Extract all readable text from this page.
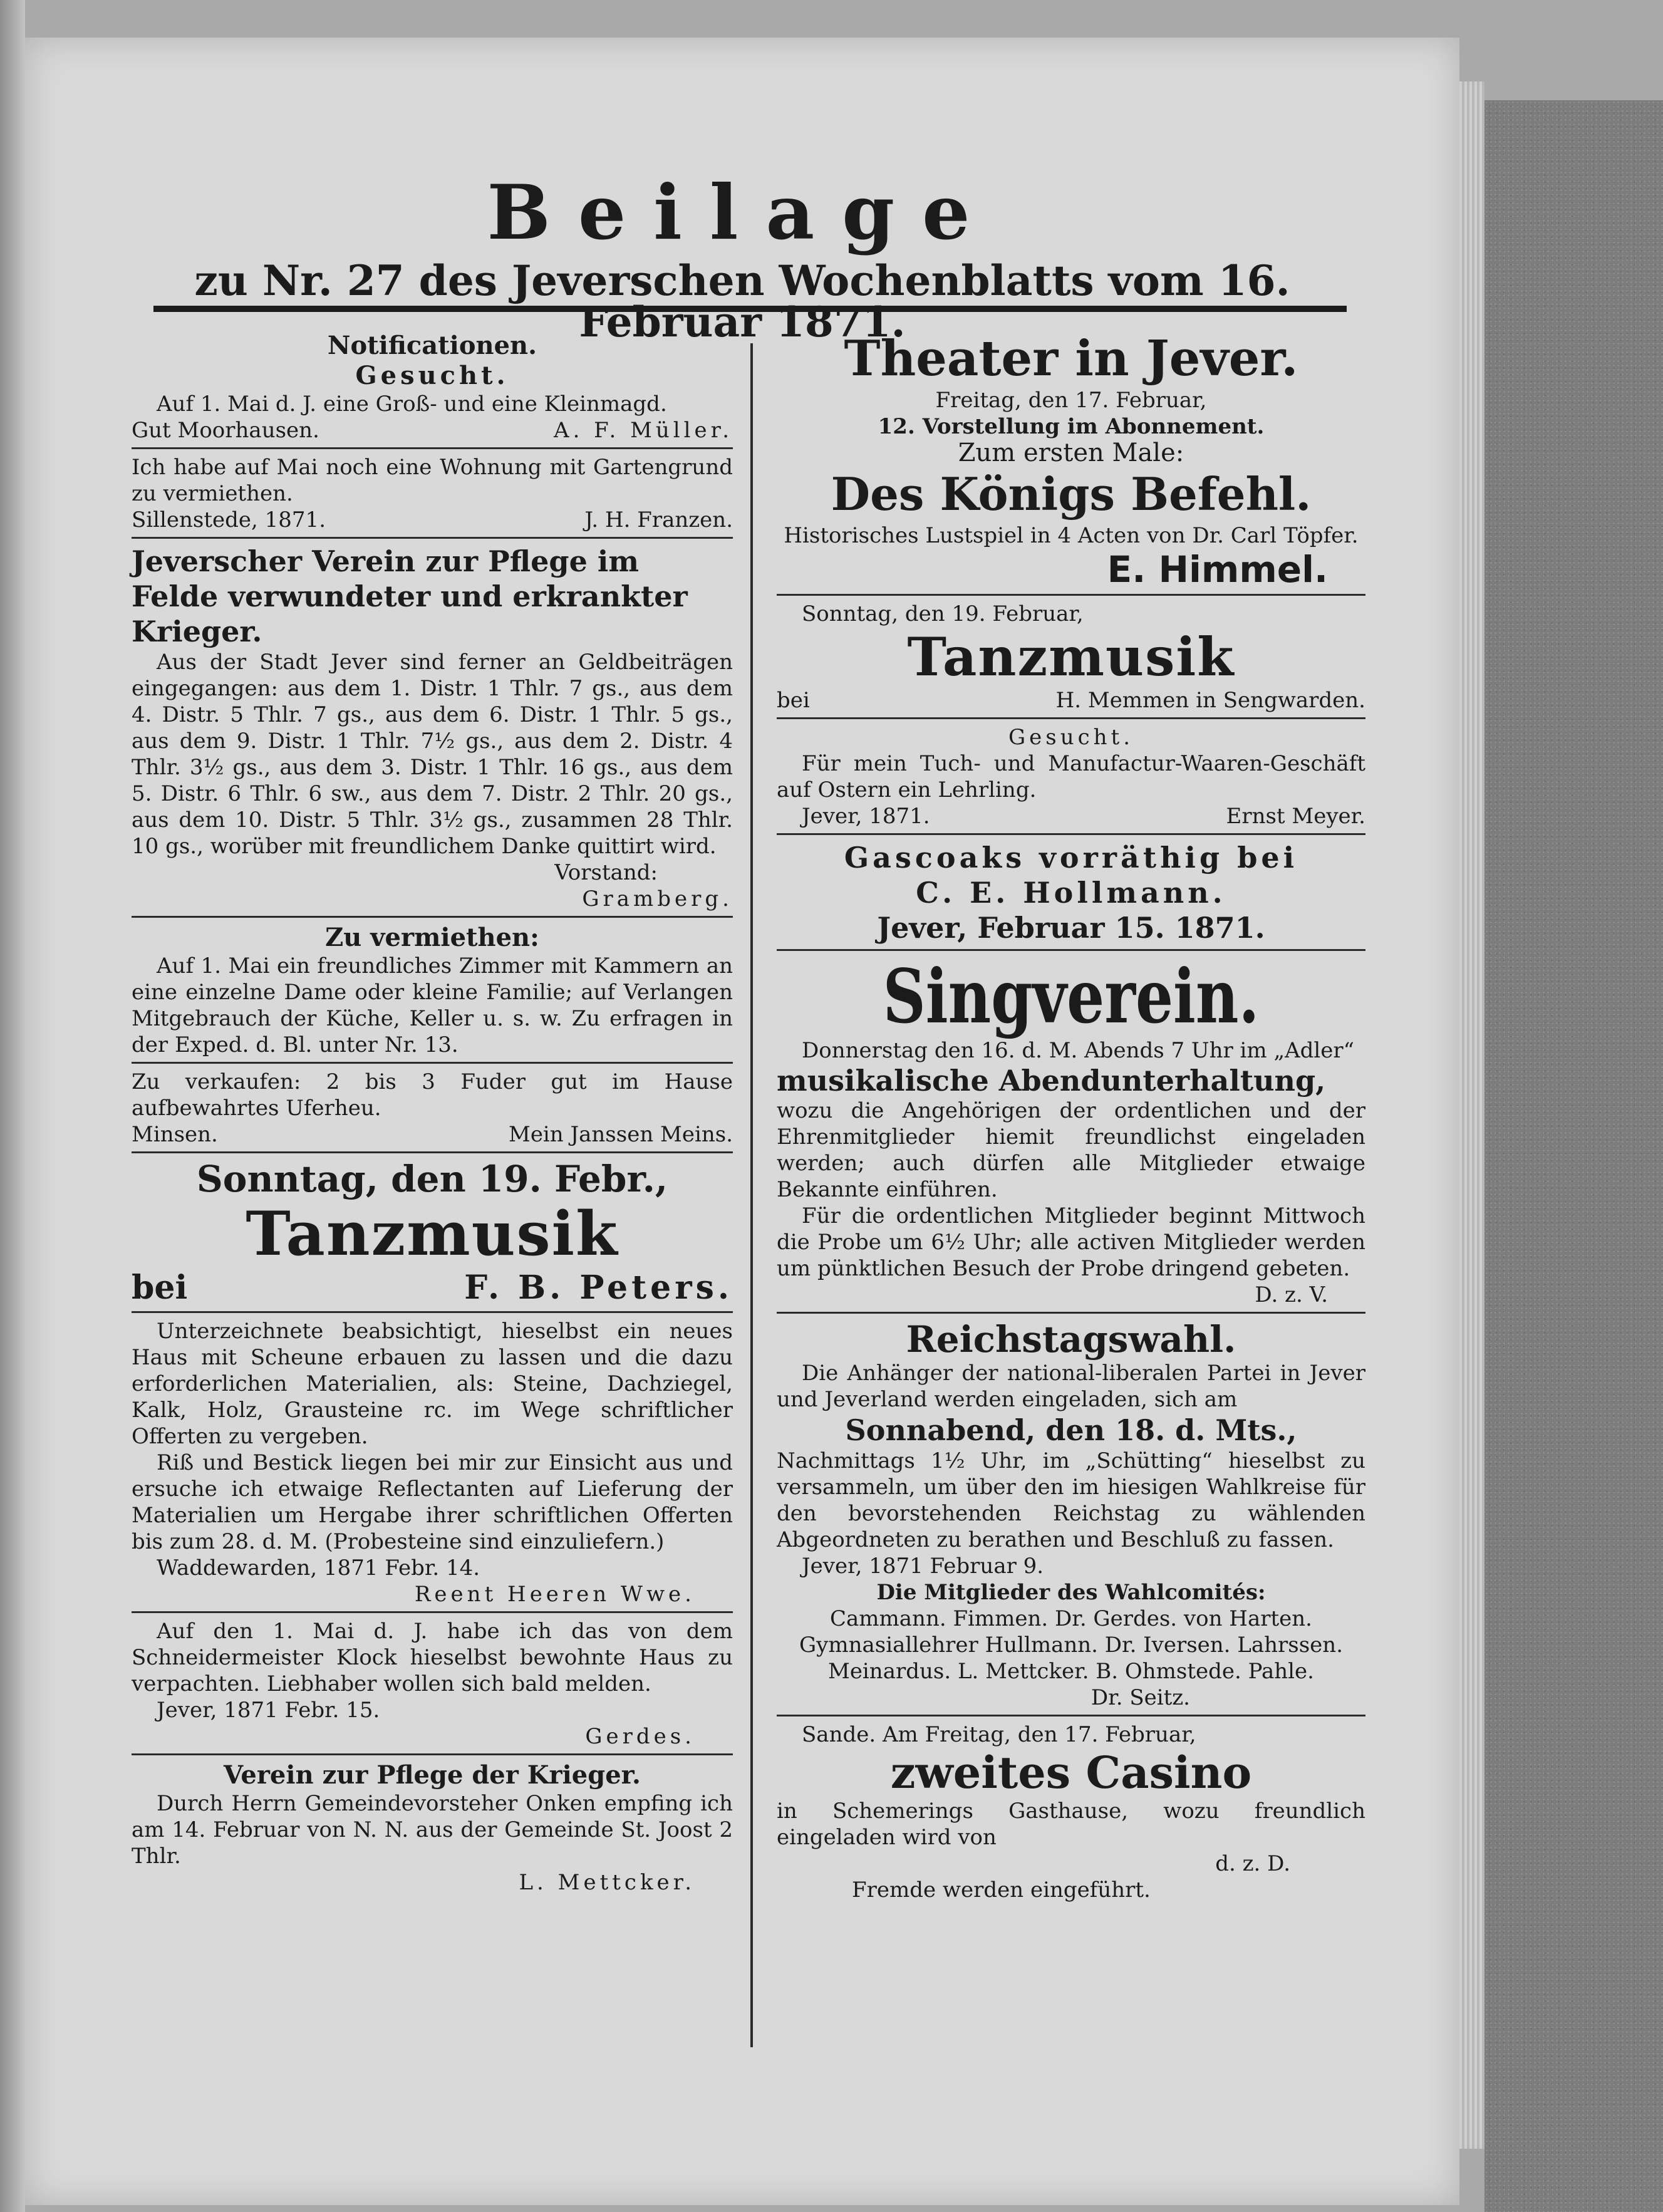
Beilage
zu Nr. 27 des Jeverschen Wochenblatts vom 16. Februar 1871.

Notificationen.

Gesucht.

Auf 1. Mai d. J. eine Groß- und eine Kleinmagd.

Gut Moorhausen.	A. F. Müller.

Ich habe auf Mai noch eine Wohnung mit Gartengrund zu vermiethen.

Sillenstede, 1871.	J. H. Franzen.

Jeverscher Verein zur Pflege im Felde verwundeter und erkrankter Krieger.

Aus der Stadt Jever sind ferner an Geldbeiträgen eingegangen: aus dem 1. Distr. 1 Thlr. 7 gs., aus dem 4. Distr. 5 Thlr. 7 gs., aus dem 6. Distr. 1 Thlr. 5 gs., aus dem 9. Distr. 1 Thlr. 7½ gs., aus dem 2. Distr. 4 Thlr. 3½ gs., aus dem 3. Distr. 1 Thlr. 16 gs., aus dem 5. Distr. 6 Thlr. 6 sw., aus dem 7. Distr. 2 Thlr. 20 gs., aus dem 10. Distr. 5 Thlr. 3½ gs., zusammen 28 Thlr. 10 gs., worüber mit freundlichem Danke quittirt wird.

Vorstand:

Gramberg.

Zu vermiethen:

Auf 1. Mai ein freundliches Zimmer mit Kammern an eine einzelne Dame oder kleine Familie; auf Verlangen Mitgebrauch der Küche, Keller u. s. w. Zu erfragen in der Exped. d. Bl. unter Nr. 13.

Zu verkaufen: 2 bis 3 Fuder gut im Hause aufbewahrtes Uferheu.

Minsen.	Mein Janssen Meins.

Sonntag, den 19. Febr.,

Tanzmusik

bei	F. B. Peters.

Unterzeichnete beabsichtigt, hieselbst ein neues Haus mit Scheune erbauen zu lassen und die dazu erforderlichen Materialien, als: Steine, Dachziegel, Kalk, Holz, Grausteine rc. im Wege schriftlicher Offerten zu vergeben.

Riß und Bestick liegen bei mir zur Einsicht aus und ersuche ich etwaige Reflectanten auf Lieferung der Materialien um Hergabe ihrer schriftlichen Offerten bis zum 28. d. M. (Probesteine sind einzuliefern.)

Waddewarden, 1871 Febr. 14.

Reent Heeren Wwe.

Auf den 1. Mai d. J. habe ich das von dem Schneidermeister Klock hieselbst bewohnte Haus zu verpachten. Liebhaber wollen sich bald melden.

Jever, 1871 Febr. 15.

Gerdes.

Verein zur Pflege der Krieger.

Durch Herrn Gemeindevorsteher Onken empfing ich am 14. Februar von N. N. aus der Gemeinde St. Joost 2 Thlr.

L. Mettcker.

Theater in Jever.

Freitag, den 17. Februar,

12. Vorstellung im Abonnement.

Zum ersten Male:

Des Königs Befehl.

Historisches Lustspiel in 4 Acten von Dr. Carl Töpfer.

E. Himmel.

Sonntag, den 19. Februar,

Tanzmusik

bei	H. Memmen in Sengwarden.

Gesucht.

Für mein Tuch- und Manufactur-Waaren-Geschäft auf Ostern ein Lehrling.

Jever, 1871.	Ernst Meyer.

Gascoaks vorräthig bei

C. E. Hollmann.

Jever, Februar 15. 1871.

Singverein.

Donnerstag den 16. d. M. Abends 7 Uhr im „Adler“

musikalische Abendunterhaltung,

wozu die Angehörigen der ordentlichen und der Ehrenmitglieder hiemit freundlichst eingeladen werden; auch dürfen alle Mitglieder etwaige Bekannte einführen.

Für die ordentlichen Mitglieder beginnt Mittwoch die Probe um 6½ Uhr; alle activen Mitglieder werden um pünktlichen Besuch der Probe dringend gebeten.

D. z. V.

Reichstagswahl.

Die Anhänger der national-liberalen Partei in Jever und Jeverland werden eingeladen, sich am

Sonnabend, den 18. d. Mts.,

Nachmittags 1½ Uhr, im „Schütting“ hieselbst zu versammeln, um über den im hiesigen Wahlkreise für den bevorstehenden Reichstag zu wählenden Abgeordneten zu berathen und Beschluß zu fassen.

Jever, 1871 Februar 9.

Die Mitglieder des Wahlcomités:

Cammann. Fimmen. Dr. Gerdes. von Harten.

Gymnasiallehrer Hullmann. Dr. Iversen. Lahrssen.

Meinardus. L. Mettcker. B. Ohmstede. Pahle.

Dr. Seitz.

Sande. Am Freitag, den 17. Februar,

zweites Casino

in Schemerings Gasthause, wozu freundlich eingeladen wird von

d. z. D.

Fremde werden eingeführt.
